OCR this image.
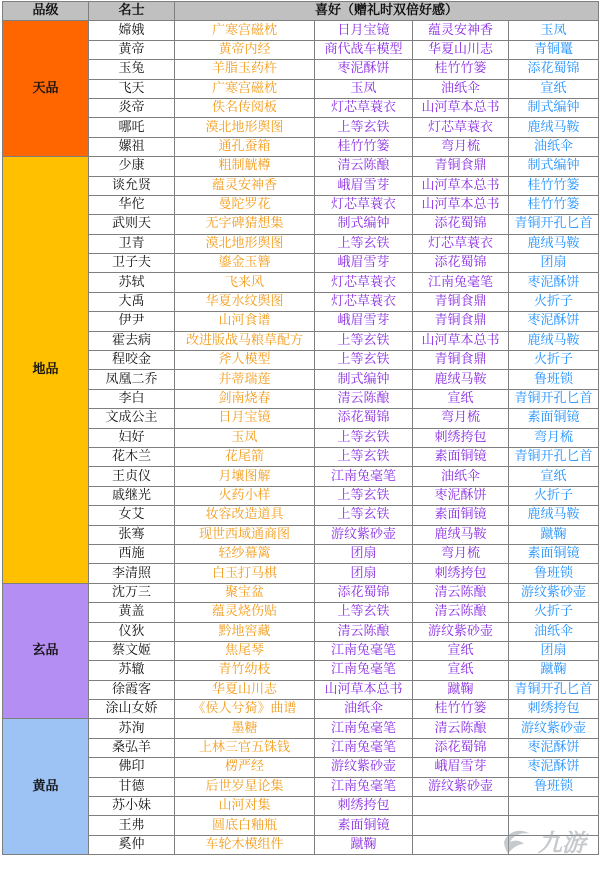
品级	名士	喜好（赠礼时双倍好感）			
天品	嫦娥	广寒宫磁枕	日月宝镜	蕴灵安神香	玉凤
	黄帝	黄帝内经	商代战车模型	华夏山川志	青铜鼍
	玉兔	羊脂玉药杵	枣泥酥饼	桂竹竹篓	添花蜀锦
	飞天	广寒宫磁枕	玉凤	油纸伞	宣纸
	炎帝	佚名传阅板	灯芯草蓑衣	山河草本总书	制式编钟
	哪吒	漠北地形舆图	上等玄铁	灯芯草蓑衣	鹿绒马鞍
	嫘祖	通孔蚕箱	桂竹竹篓	弯月梳	油纸伞
地品	少康	粗制觥樽	清云陈酿	青铜食鼎	制式编钟
	谈允贤	蕴灵安神香	峨眉雪芽	山河草本总书	桂竹竹篓
	华佗	曼陀罗花	灯芯草蓑衣	山河草本总书	桂竹竹篓
	武则天	无字碑猜想集	制式编钟	添花蜀锦	青铜开孔匕首
	卫青	漠北地形舆图	上等玄铁	灯芯草蓑衣	鹿绒马鞍
	卫子夫	鎏金玉簪	峨眉雪芽	添花蜀锦	团扇
	苏轼	飞来风	灯芯草蓑衣	江南兔毫笔	枣泥酥饼
	大禹	华夏水纹舆图	灯芯草蓑衣	青铜食鼎	火折子
	伊尹	山河食谱	峨眉雪芽	青铜食鼎	枣泥酥饼
	霍去病	改进版战马粮草配方	上等玄铁	山河草本总书	鹿绒马鞍
	程咬金	斧人模型	上等玄铁	青铜食鼎	火折子
	凤凰二乔	并蒂瑞莲	制式编钟	鹿绒马鞍	鲁班锁
	李白	剑南烧春	清云陈酿	宣纸	青铜开孔匕首
	文成公主	日月宝镜	添花蜀锦	弯月梳	素面铜镜
	妇好	玉凤	上等玄铁	刺绣挎包	弯月梳
	花木兰	花尾箭	上等玄铁	素面铜镜	青铜开孔匕首
	王贞仪	月壤图解	江南兔毫笔	油纸伞	宣纸
	戚继光	火药小样	上等玄铁	枣泥酥饼	火折子
	女艾	妆容改造道具	上等玄铁	素面铜镜	鹿绒马鞍
	张骞	现世西域通商图	游纹紫砂壶	鹿绒马鞍	蹴鞠
	西施	轻纱幕篱	团扇	弯月梳	素面铜镜
	李清照	白玉打马棋	团扇	刺绣挎包	鲁班锁
玄品	沈万三	聚宝盆	添花蜀锦	清云陈酿	游纹紫砂壶
	黄盖	蕴灵烧伤贴	上等玄铁	清云陈酿	火折子
	仪狄	黔地窖藏	清云陈酿	游纹紫砂壶	油纸伞
	蔡文姬	焦尾琴	江南兔毫笔	宣纸	团扇
	苏辙	青竹幼枝	江南兔毫笔	宣纸	蹴鞠
	徐霞客	华夏山川志	山河草本总书	蹴鞠	青铜开孔匕首
	涂山女娇	《侯人兮猗》曲谱	油纸伞	桂竹竹篓	刺绣挎包
黄品	苏洵	墨糖	江南兔毫笔	清云陈酿	游纹紫砂壶
	桑弘羊	上林三官五铢钱	江南兔毫笔	添花蜀锦	枣泥酥饼
	佛印	楞严经	游纹紫砂壶	峨眉雪芽	枣泥酥饼
	甘德	后世岁星论集	江南兔毫笔	游纹紫砂壶	鲁班锁
	苏小妹	山河对集	刺绣挎包		
	王弗	圆底白釉瓶	素面铜镜		
	奚仲	车轮木模组件	蹴鞠			九游
